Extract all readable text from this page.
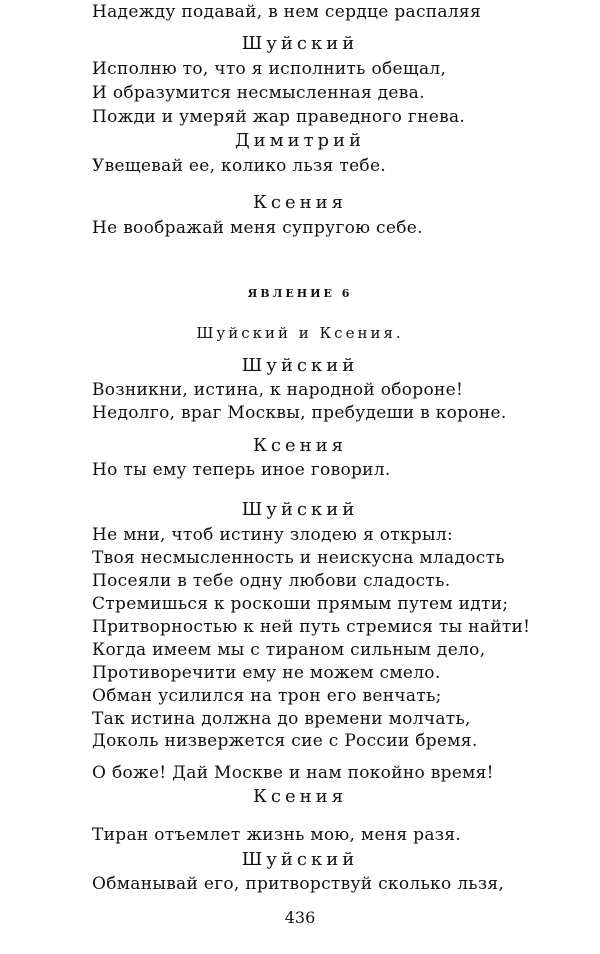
Шуйский
Исполню то, что я исполнить обещал,
И образумится несмысленная дева.
Пожди и умеряй жар праведного гнева.
Димитрий
Увещевай ее, колико льзя тебе.
Ксения
Не воображай меня супругою себе.
ЯВЛЕНИЕ 6
Шуйский и Ксения.
Шуйский
Возникни, истина, к народной обороне!
Недолго, враг Москвы, пребудеши в короне.
Ксения
Но ты ему теперь иное говорил.
Шуйский
Не мни, чтоб истину злодею я открыл:
Твоя несмысленность и неискусна младость
Посеяли в тебе одну любови сладость.
Стремишься к роскоши прямым путем идти;
Притворностью к ней путь стремися ты найти!
Когда имеем мы с тираном сильным дело,
Противоречити ему не можем смело.
Обман усилился на трон его венчать;
Так истина должна до времени молчать,
Доколь низвержется сие с России бремя.
О боже! Дай Москве и нам покойно время!
Ксения
Тиран отъемлет жизнь мою, меня разя.
Шуйский
Обманывай его, притворствуй сколько льзя,
Надежду подавай, в нем сердце распаляя
436
